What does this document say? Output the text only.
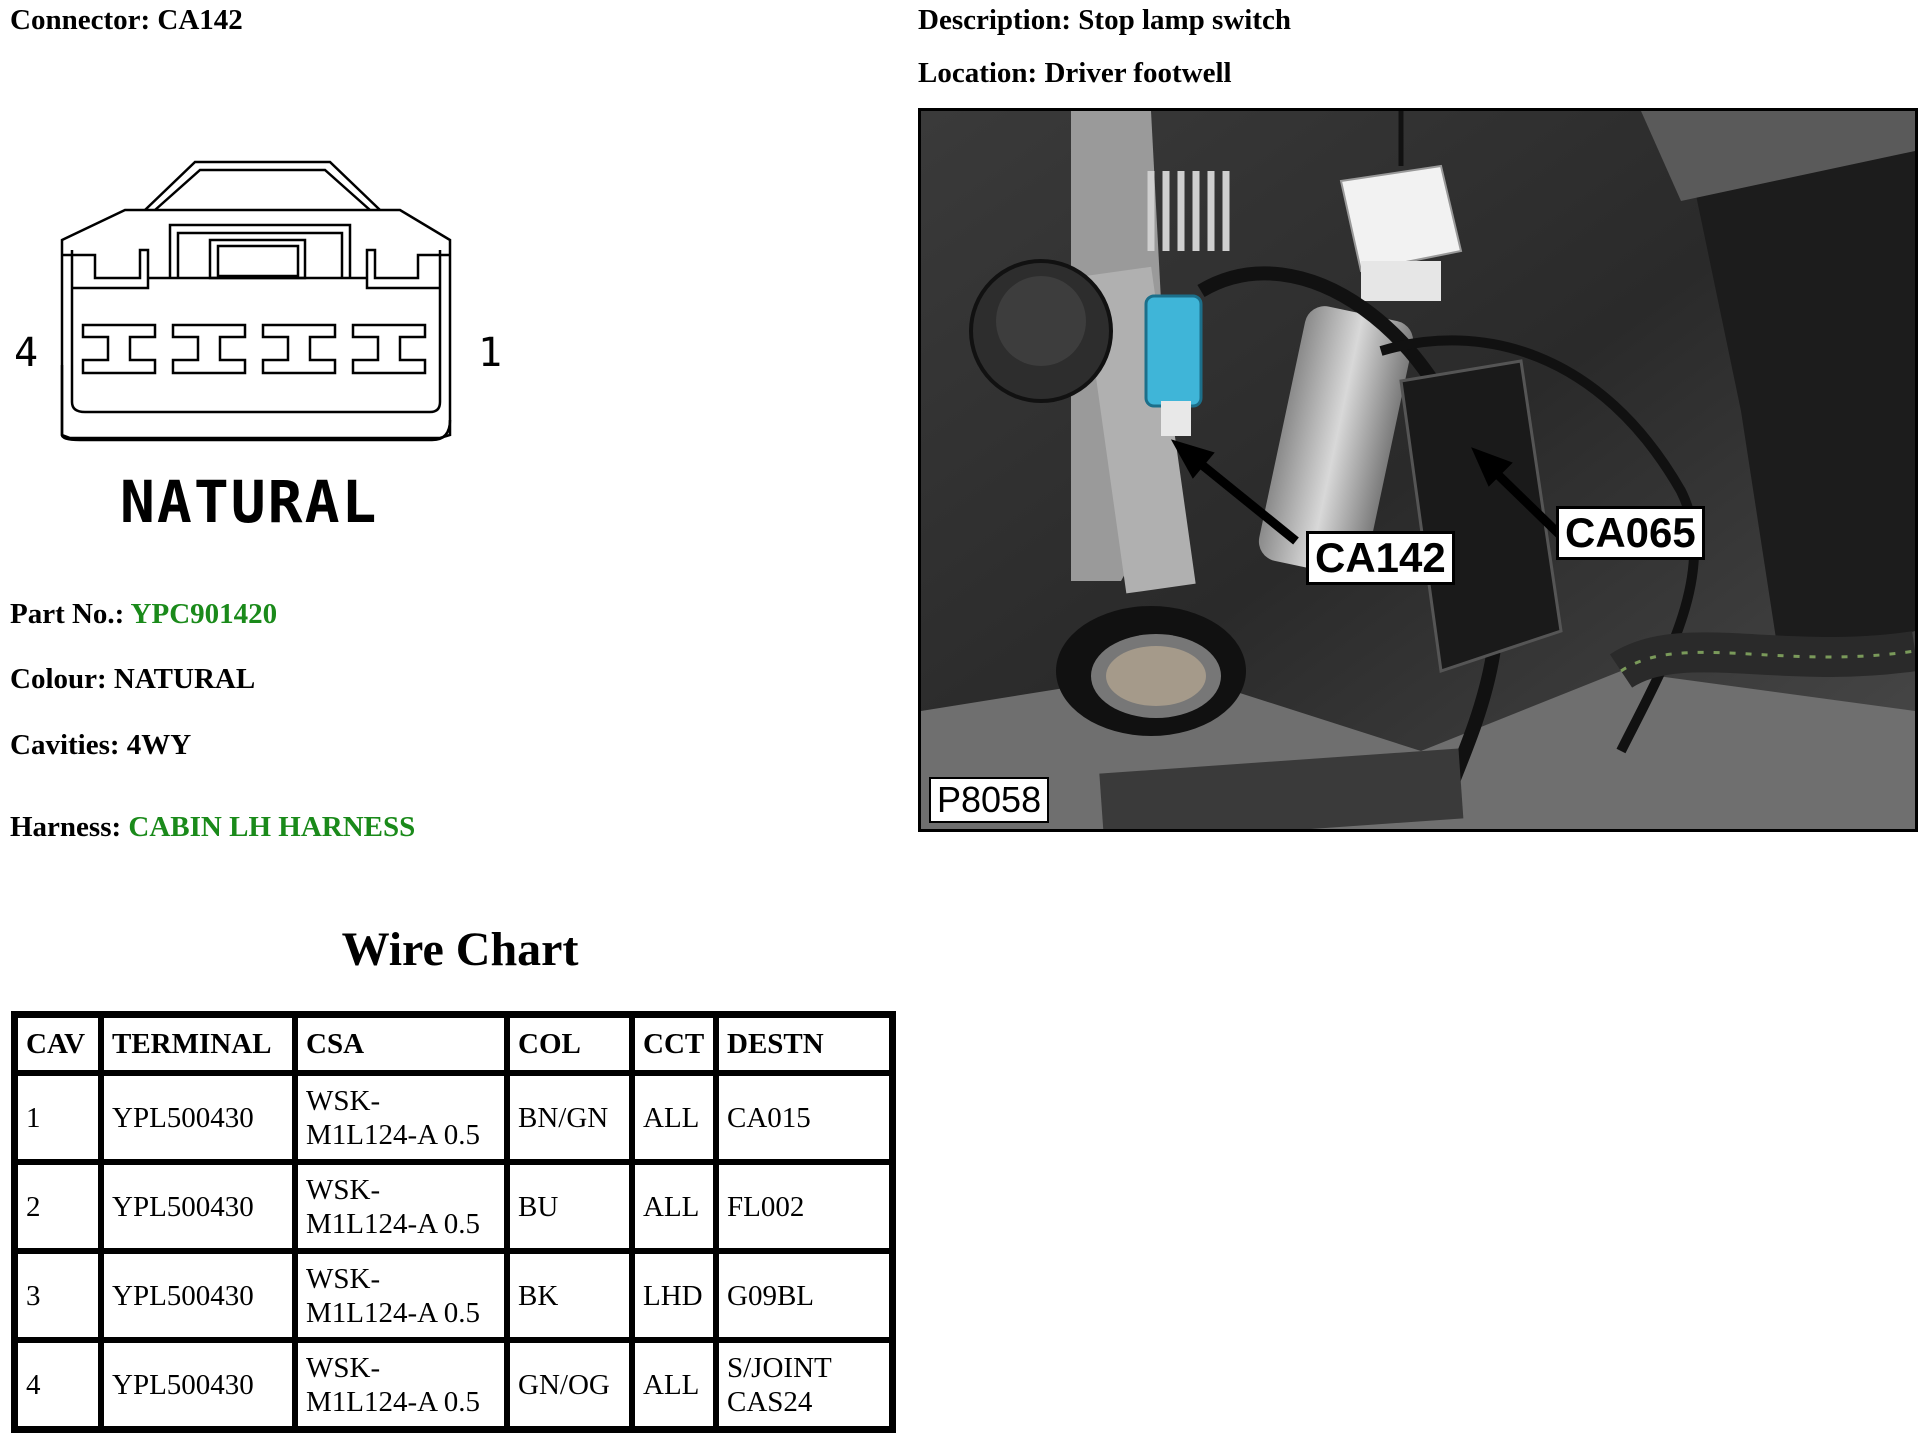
Connector: CA142	Description: Stop lamp switch
Location: Driver footwell
4	1
NATURAL
Part No.: YPC901420
Colour: NATURAL
Cavities: 4WY
Harness: CABIN LH HARNESS
Wire Chart
CAV	TERMINAL	CSA	COL	CCT	DESTN
1	YPL500430	WSK-
M1L124-A 0.5	BN/GN	ALL	CA015
2	YPL500430	WSK-
M1L124-A 0.5	BU	ALL	FL002
3	YPL500430	WSK-
M1L124-A 0.5	BK	LHD	G09BL
4	YPL500430	WSK-
M1L124-A 0.5	GN/OG	ALL	S/JOINT
CAS24
CA142
CA065
P8058
